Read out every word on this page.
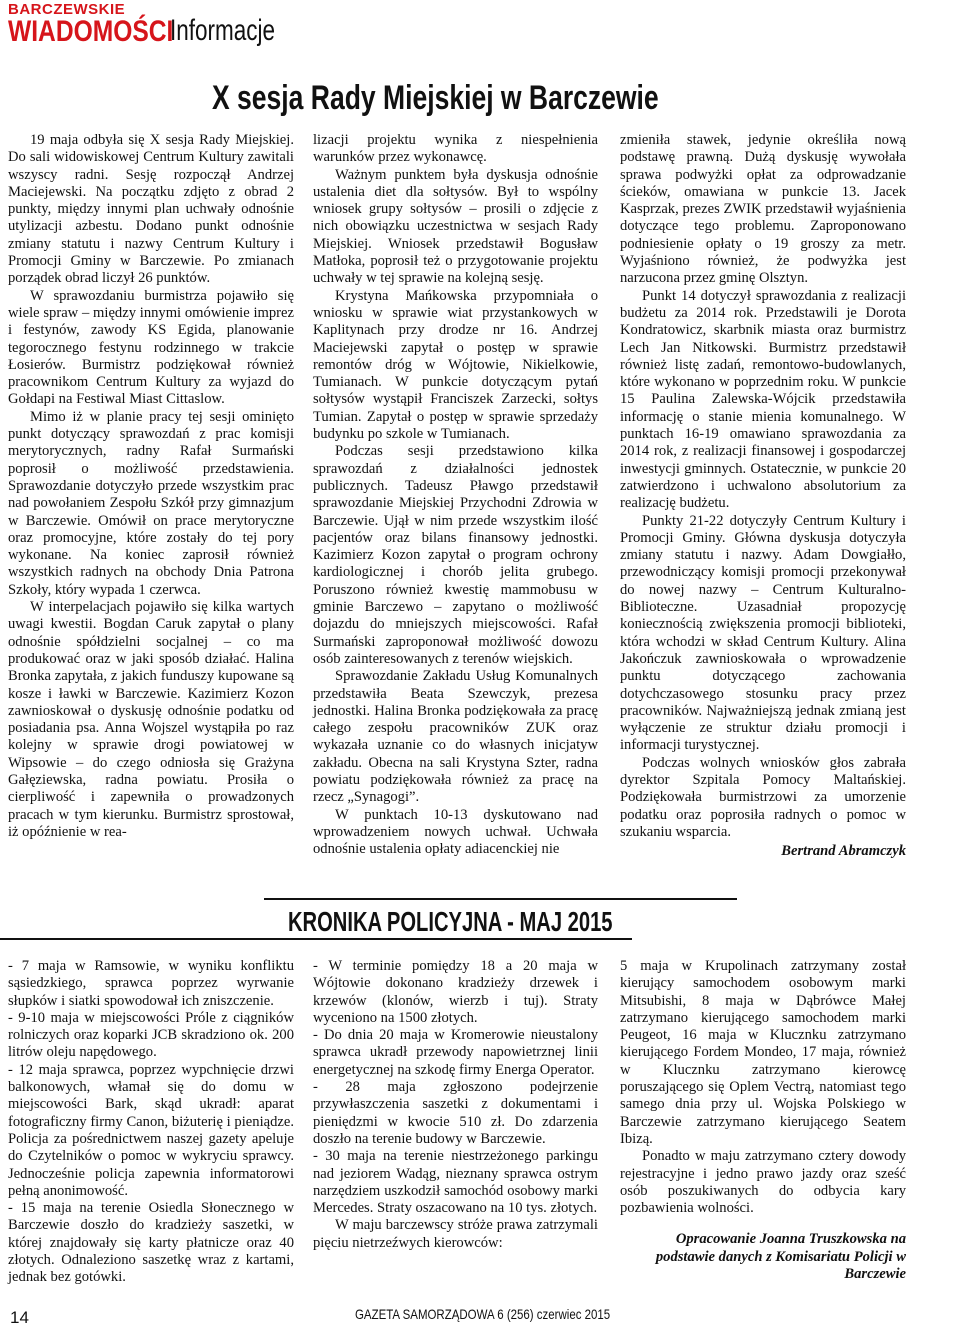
BARCZEWSKIE
WIADOMOŚCI
Informacje
X sesja Rady Miejskiej w Barczewie

19 maja odbyła się X sesja Rady Miejskiej. Do sali widowiskowej Centrum Kultury zawitali wszyscy radni. Sesję rozpoczął Andrzej Maciejewski. Na początku zdjęto z obrad 2 punkty, między innymi plan uchwały odnośnie utylizacji azbestu. Dodano punkt odnośnie zmiany statutu i nazwy Centrum Kultury i Promocji Gminy w Barczewie. Po zmianach porządek obrad liczył 26 punktów.

W sprawozdaniu burmistrza pojawiło się wiele spraw – między innymi omówienie imprez i festynów, zawody KS Egida, planowanie tegorocznego festynu rodzinnego w trakcie Łosierów. Burmistrz podziękował również pracownikom Centrum Kultury za wyjazd do Gołdapi na Festiwal Miast Cittaslow.

Mimo iż w planie pracy tej sesji ominięto punkt dotyczący sprawozdań z prac komisji merytorycznych, radny Rafał Surmański poprosił o możliwość przedstawienia. Sprawozdanie dotyczyło przede wszystkim prac nad powołaniem Zespołu Szkół przy gimnazjum w Barczewie. Omówił on prace merytoryczne oraz promocyjne, które zostały do tej pory wykonane. Na koniec zaprosił również wszystkich radnych na obchody Dnia Patrona Szkoły, który wypada 1 czerwca.

W interpelacjach pojawiło się kilka wartych uwagi kwestii. Bogdan Caruk zapytał o plany odnośnie spółdzielni socjalnej – co ma produkować oraz w jaki sposób działać. Halina Bronka zapytała, z jakich funduszy kupowane są kosze i ławki w Barczewie. Kazimierz Kozon zawnioskował o dyskusję odnośnie podatku od posiadania psa. Anna Wojszel wystąpiła po raz kolejny w sprawie drogi powiatowej w Wipsowie – do czego odniosła się Grażyna Gałęziewska, radna powiatu. Prosiła o cierpliwość i zapewniła o prowadzonych pracach w tym kierunku. Burmistrz sprostował, iż opóźnienie w rea-

lizacji projektu wynika z niespełnienia warunków przez wykonawcę.

Ważnym punktem była dyskusja odnośnie ustalenia diet dla sołtysów. Był to wspólny wniosek grupy sołtysów – prosili o zdjęcie z nich obowiązku uczestnictwa w sesjach Rady Miejskiej. Wniosek przedstawił Bogusław Matłoka, poprosił też o przygotowanie projektu uchwały w tej sprawie na kolejną sesję.

Krystyna Mańkowska przypomniała o wniosku w sprawie wiat przystankowych w Kaplitynach przy drodze nr 16. Andrzej Maciejewski zapytał o postęp w sprawie remontów dróg w Wójtowie, Nikielkowie, Tumianach. W punkcie dotyczącym pytań sołtysów wystąpił Franciszek Zarzecki, sołtys Tumian. Zapytał o postęp w sprawie sprzedaży budynku po szkole w Tumianach.

Podczas sesji przedstawiono kilka sprawozdań z działalności jednostek publicznych. Tadeusz Pławgo przedstawił sprawozdanie Miejskiej Przychodni Zdrowia w Barczewie. Ujął w nim przede wszystkim ilość pacjentów oraz bilans finansowy jednostki. Kazimierz Kozon zapytał o program ochrony kardiologicznej i chorób jelita grubego. Poruszono również kwestię mammobusu w gminie Barczewo – zapytano o możliwość dojazdu do mniejszych miejscowości. Rafał Surmański zaproponował możliwość dowozu osób zainteresowanych z terenów wiejskich.

Sprawozdanie Zakładu Usług Komunalnych przedstawiła Beata Szewczyk, prezesa jednostki. Halina Bronka podziękowała za pracę całego zespołu pracowników ZUK oraz wykazała uznanie co do własnych inicjatyw zakładu. Obecna na sali Krystyna Szter, radna powiatu podziękowała również za pracę na rzecz „Synagogi”.

W punktach 10-13 dyskutowano nad wprowadzeniem nowych uchwał. Uchwała odnośnie ustalenia opłaty adiacenckiej nie

zmieniła stawek, jedynie określiła nową podstawę prawną. Dużą dyskusję wywołała sprawa podwyżki opłat za odprowadzanie ścieków, omawiana w punkcie 13. Jacek Kasprzak, prezes ZWIK przedstawił wyjaśnienia dotyczące tego problemu. Zaproponowano podniesienie opłaty o 19 groszy za metr. Wyjaśniono również, że podwyżka jest narzucona przez gminę Olsztyn.

Punkt 14 dotyczył sprawozdania z realizacji budżetu za 2014 rok. Przedstawili je Dorota Kondratowicz, skarbnik miasta oraz burmistrz Lech Jan Nitkowski. Burmistrz przedstawił również listę zadań, remontowo-budowlanych, które wykonano w poprzednim roku. W punkcie 15 Paulina Zalewska-Wójcik przedstawiła informację o stanie mienia komunalnego. W punktach 16-19 omawiano sprawozdania za 2014 rok, z realizacji finansowej i gospodarczej inwestycji gminnych. Ostatecznie, w punkcie 20 zatwierdzono i uchwalono absolutorium za realizację budżetu.

Punkty 21-22 dotyczyły Centrum Kultury i Promocji Gminy. Główna dyskusja dotyczyła zmiany statutu i nazwy. Adam Dowgiałło, przewodniczący komisji promocji przekonywał do nowej nazwy – Centrum Kulturalno-Biblioteczne. Uzasadniał propozycję koniecznością zwiększenia promocji biblioteki, która wchodzi w skład Centrum Kultury. Alina Jakończuk zawnioskowała o wprowadzenie punktu dotyczącego zachowania dotychczasowego stosunku pracy przez pracowników. Najważniejszą jednak zmianą jest wyłączenie ze struktur działu promocji i informacji turystycznej.

Podczas wolnych wniosków głos zabrała dyrektor Szpitala Pomocy Maltańskiej. Podziękowała burmistrzowi za umorzenie podatku oraz poprosiła radnych o pomoc w szukaniu wsparcia.

Bertrand Abramczyk

KRONIKA POLICYJNA - MAJ 2015

- 7 maja w Ramsowie, w wyniku konfliktu sąsiedzkiego, sprawca poprzez wyrwanie słupków i siatki spowodował ich zniszczenie.

- 9-10 maja w miejscowości Próle z ciągników rolniczych oraz koparki JCB skradziono ok. 200 litrów oleju napędowego.

- 12 maja sprawca, poprzez wypchnięcie drzwi balkonowych, włamał się do domu w miejscowości Bark, skąd ukradł: aparat fotograficzny firmy Canon, biżuterię i pieniądze. Policja za pośrednictwem naszej gazety apeluje do Czytelników o pomoc w wykryciu sprawcy. Jednocześnie policja zapewnia informatorowi pełną anonimowość.

- 15 maja na terenie Osiedla Słonecznego w Barczewie doszło do kradzieży saszetki, w której znajdowały się karty płatnicze oraz 40 złotych. Odnaleziono saszetkę wraz z kartami, jednak bez gotówki.

- W terminie pomiędzy 18 a 20 maja w Wójtowie dokonano kradzieży drzewek i krzewów (klonów, wierzb i tuj). Straty wyceniono na 1500 złotych.

- Do dnia 20 maja w Kromerowie nieustalony sprawca ukradł przewody napowietrznej linii energetycznej na szkodę firmy Energa Operator.

- 28 maja zgłoszono podejrzenie przywłaszczenia saszetki z dokumentami i pieniędzmi w kwocie 510 zł. Do zdarzenia doszło na terenie budowy w Barczewie.

- 30 maja na terenie niestrzeżonego parkingu nad jeziorem Wadąg, nieznany sprawca ostrym narzędziem uszkodził samochód osobowy marki Mercedes. Straty oszacowano na 10 tys. złotych.

W maju barczewscy stróże prawa zatrzymali pięciu nietrzeźwych kierowców:

5 maja w Krupolinach zatrzymany został kierujący samochodem osobowym marki Mitsubishi, 8 maja w Dąbrówce Małej zatrzymano kierującego samochodem marki Peugeot, 16 maja w Klucznku zatrzymano kierującego Fordem Mondeo, 17 maja, również w Klucznku zatrzymano kierowcę poruszającego się Oplem Vectrą, natomiast tego samego dnia przy ul. Wojska Polskiego w Barczewie zatrzymano kierującego Seatem Ibizą.

Ponadto w maju zatrzymano cztery dowody rejestracyjne i jedno prawo jazdy oraz sześć osób poszukiwanych do odbycia kary pozbawienia wolności.

Opracowanie Joanna Truszkowska na podstawie danych z Komisariatu Policji w Barczewie

14	GAZETA SAMORZĄDOWA 6 (256) czerwiec 2015
